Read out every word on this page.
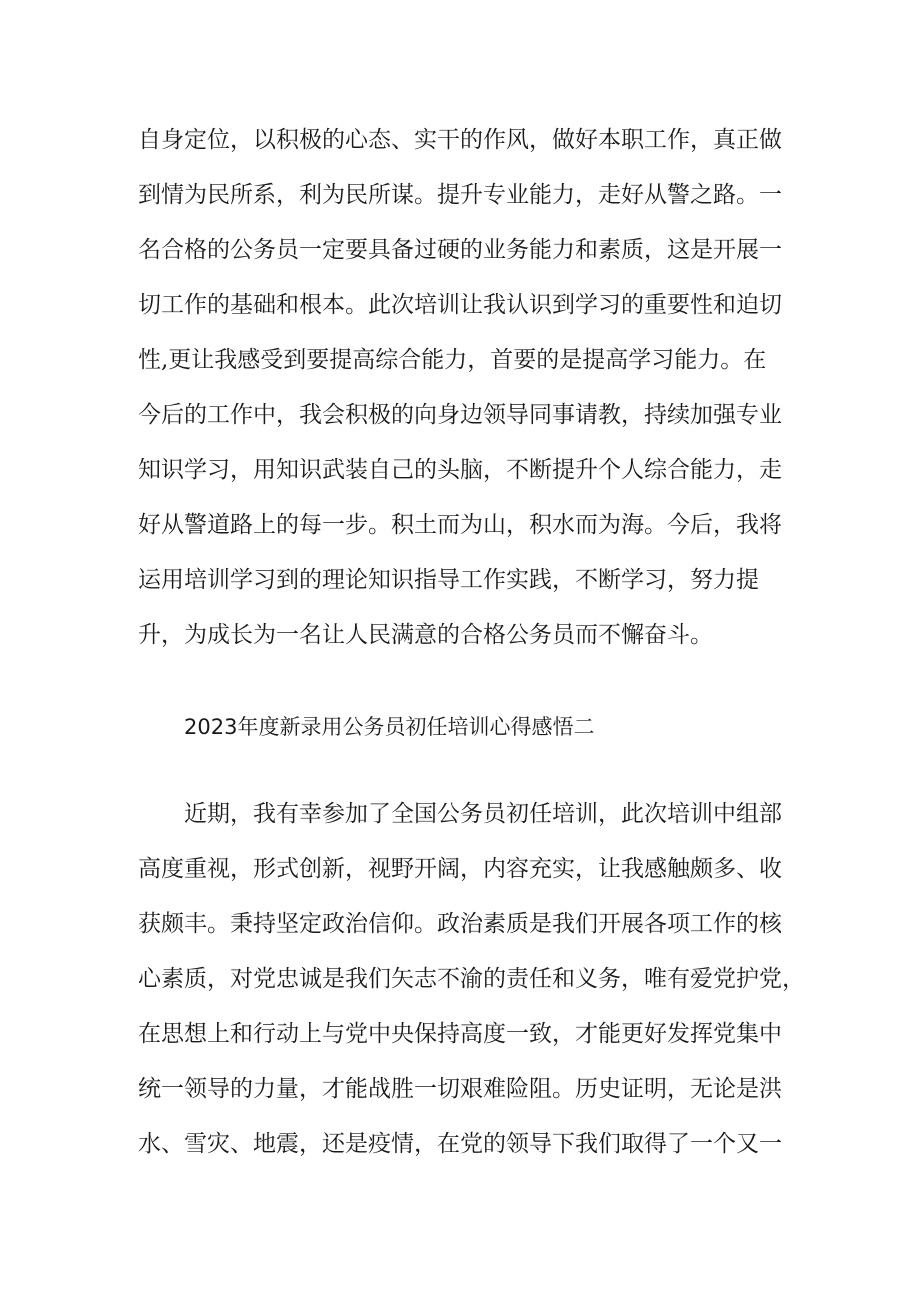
自身定位，以积极的心态、实干的作风，做好本职工作，真正做
到情为民所系，利为民所谋。提升专业能力，走好从警之路。一
名合格的公务员一定要具备过硬的业务能力和素质，这是开展一
切工作的基础和根本。此次培训让我认识到学习的重要性和迫切
性,更让我感受到要提高综合能力，首要的是提高学习能力。在
今后的工作中，我会积极的向身边领导同事请教，持续加强专业
知识学习，用知识武装自己的头脑，不断提升个人综合能力，走
好从警道路上的每一步。积土而为山，积水而为海。今后，我将
运用培训学习到的理论知识指导工作实践，不断学习，努力提
升，为成长为一名让人民满意的合格公务员而不懈奋斗。
2023年度新录用公务员初任培训心得感悟二
近期，我有幸参加了全国公务员初任培训，此次培训中组部
高度重视，形式创新，视野开阔，内容充实，让我感触颇多、收
获颇丰。秉持坚定政治信仰。政治素质是我们开展各项工作的核
心素质，对党忠诚是我们矢志不渝的责任和义务，唯有爱党护党，
在思想上和行动上与党中央保持高度一致，才能更好发挥党集中
统一领导的力量，才能战胜一切艰难险阻。历史证明，无论是洪
水、雪灾、地震，还是疫情，在党的领导下我们取得了一个又一
